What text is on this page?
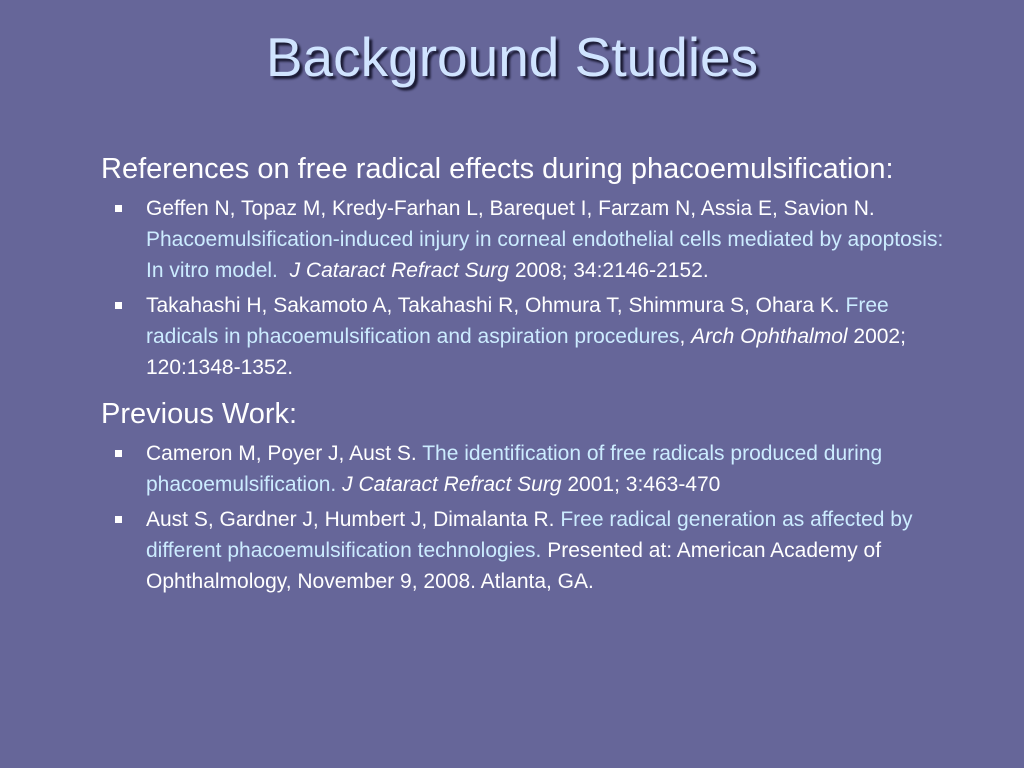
Background Studies

References on free radical effects during phacoemulsification:

Geffen N, Topaz M, Kredy-Farhan L, Barequet I, Farzam N, Assia E, Savion N. Phacoemulsification-induced injury in corneal endothelial cells mediated by apoptosis: In vitro model. J Cataract Refract Surg 2008; 34:2146-2152.
Takahashi H, Sakamoto A, Takahashi R, Ohmura T, Shimmura S, Ohara K. Free radicals in phacoemulsification and aspiration procedures, Arch Ophthalmol 2002; 120:1348-1352.

Previous Work:

Cameron M, Poyer J, Aust S. The identification of free radicals produced during phacoemulsification. J Cataract Refract Surg 2001; 3:463-470
Aust S, Gardner J, Humbert J, Dimalanta R. Free radical generation as affected by different phacoemulsification technologies. Presented at: American Academy of Ophthalmology, November 9, 2008. Atlanta, GA.
